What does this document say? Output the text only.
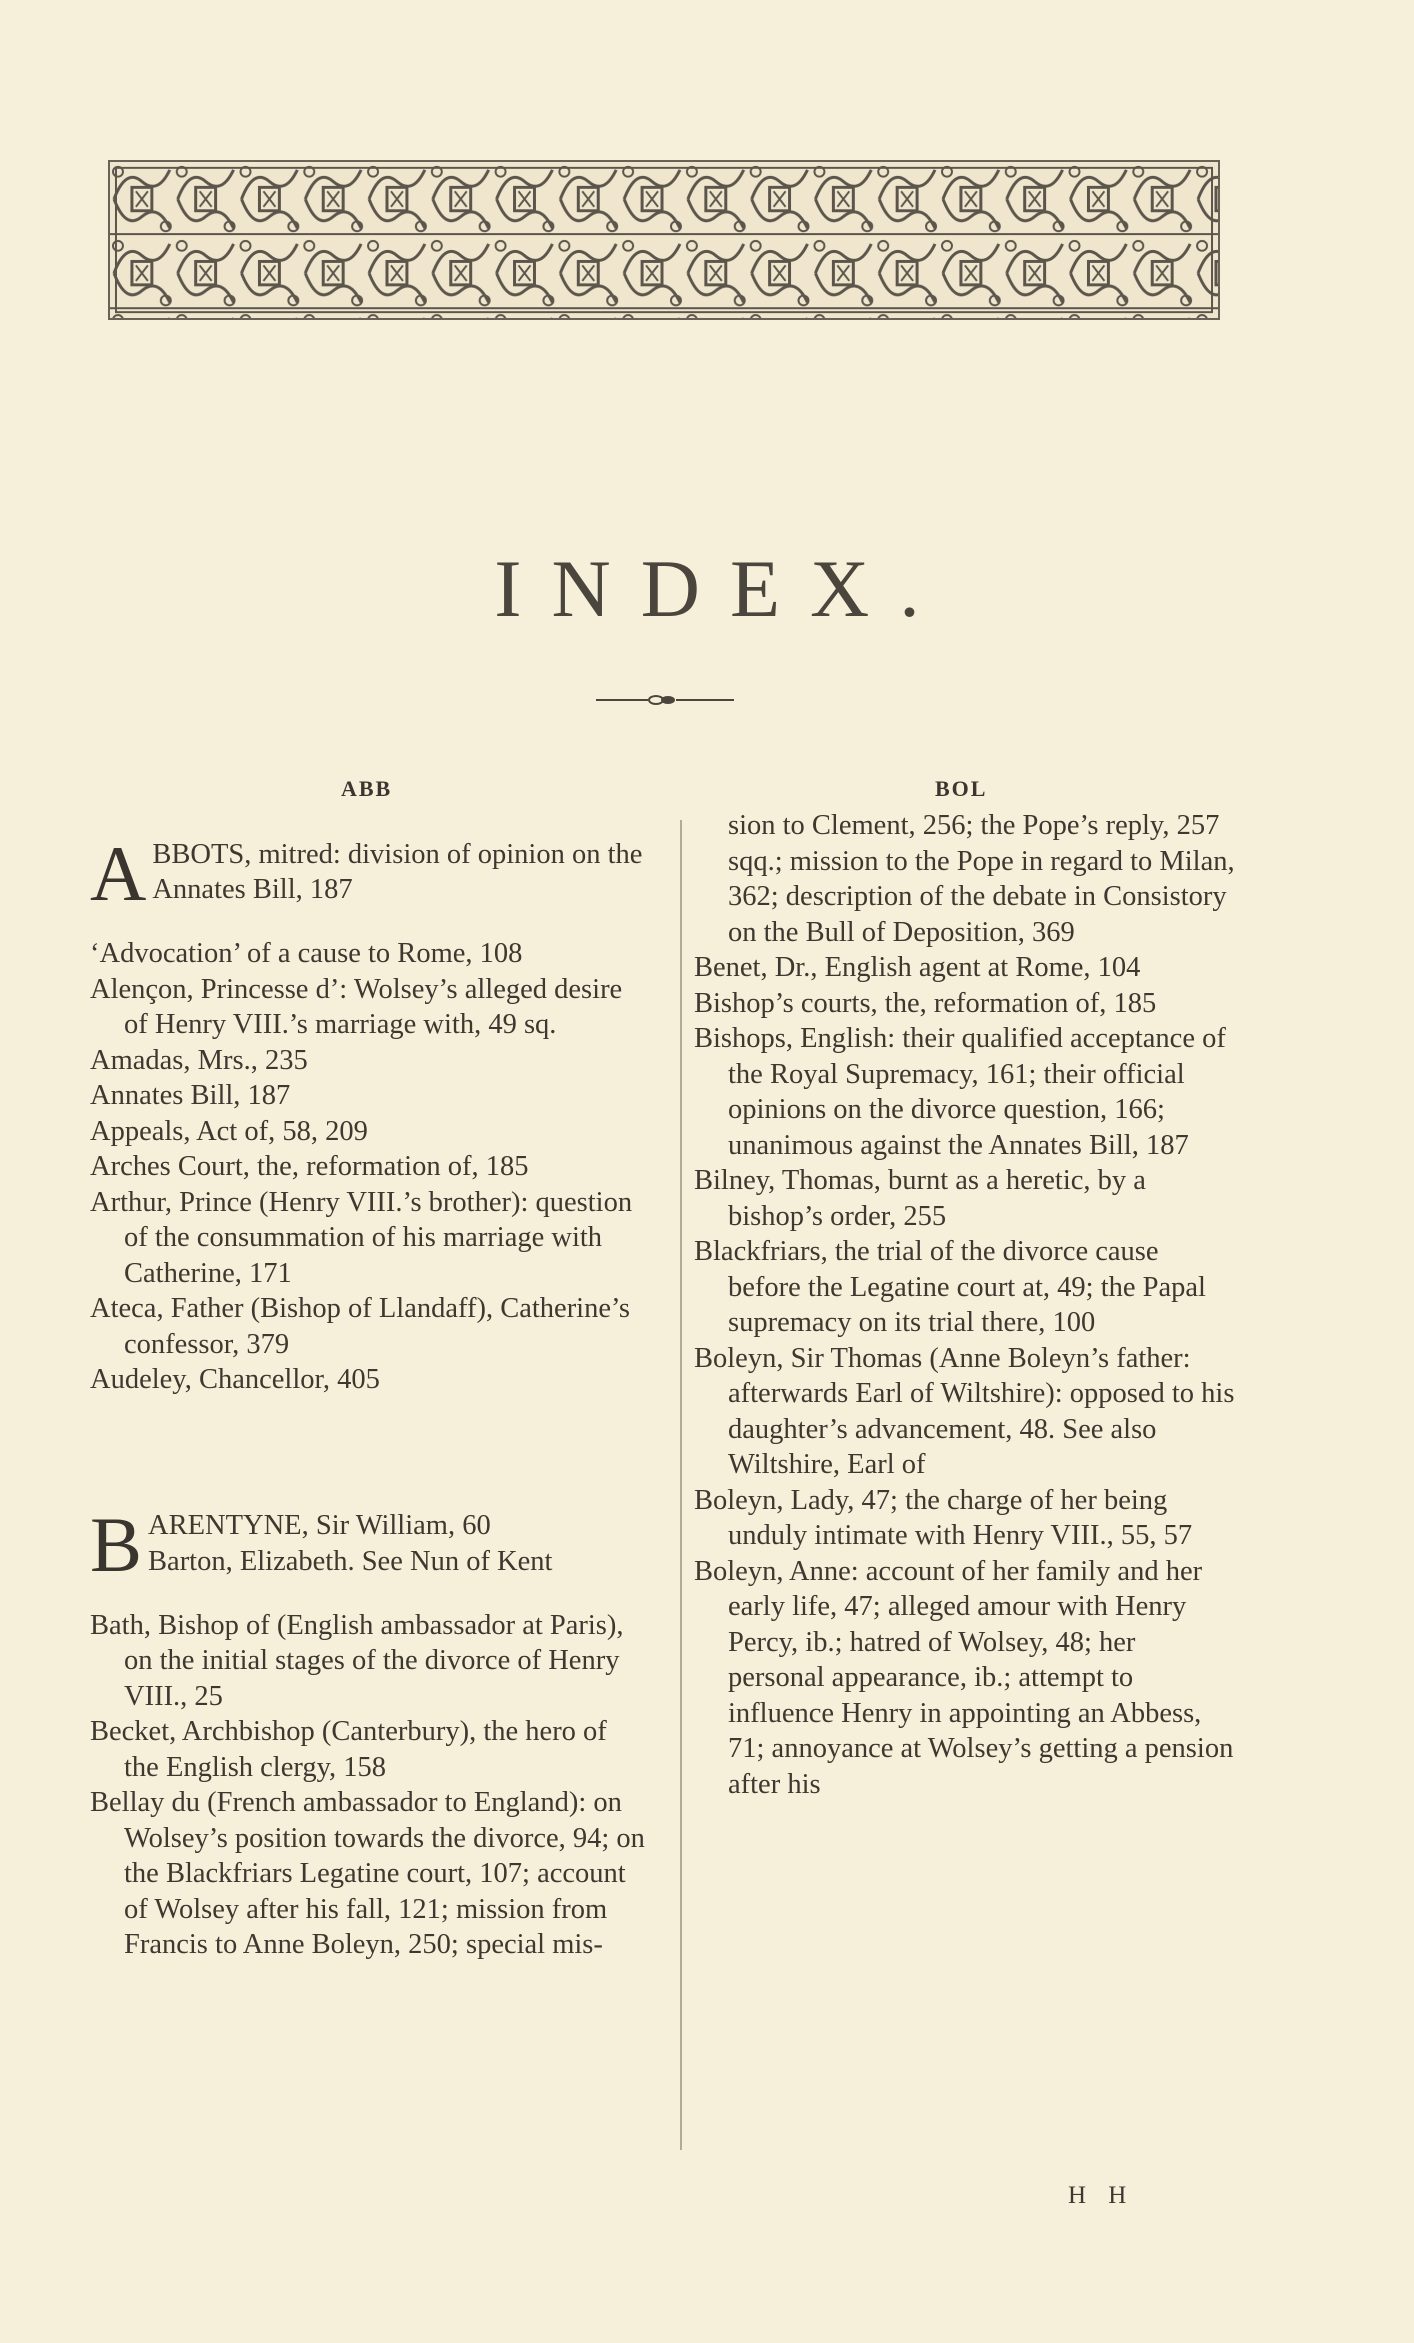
INDEX.
ABB	BOL

ABBOTS, mitred: division of opinion on the Annates Bill, 187

‘Advocation’ of a cause to Rome, 108

Alençon, Princesse d’: Wolsey’s alleged desire of Henry VIII.’s marriage with, 49 sq.

Amadas, Mrs., 235

Annates Bill, 187

Appeals, Act of, 58, 209

Arches Court, the, reformation of, 185

Arthur, Prince (Henry VIII.’s brother): question of the consummation of his marriage with Catherine, 171

Ateca, Father (Bishop of Llandaff), Catherine’s confessor, 379

Audeley, Chancellor, 405

BARENTYNE, Sir William, 60
Barton, Elizabeth. See Nun of Kent

Bath, Bishop of (English ambassador at Paris), on the initial stages of the divorce of Henry VIII., 25

Becket, Archbishop (Canterbury), the hero of the English clergy, 158

Bellay du (French ambassador to England): on Wolsey’s position towards the divorce, 94; on the Blackfriars Legatine court, 107; account of Wolsey after his fall, 121; mission from Francis to Anne Boleyn, 250; special mis-

sion to Clement, 256; the Pope’s reply, 257 sqq.; mission to the Pope in regard to Milan, 362; description of the debate in Consistory on the Bull of Deposition, 369

Benet, Dr., English agent at Rome, 104

Bishop’s courts, the, reformation of, 185

Bishops, English: their qualified acceptance of the Royal Supremacy, 161; their official opinions on the divorce question, 166; unanimous against the Annates Bill, 187

Bilney, Thomas, burnt as a heretic, by a bishop’s order, 255

Blackfriars, the trial of the divorce cause before the Legatine court at, 49; the Papal supremacy on its trial there, 100

Boleyn, Sir Thomas (Anne Boleyn’s father: afterwards Earl of Wiltshire): opposed to his daughter’s advancement, 48. See also Wiltshire, Earl of

Boleyn, Lady, 47; the charge of her being unduly intimate with Henry VIII., 55, 57

Boleyn, Anne: account of her family and her early life, 47; alleged amour with Henry Percy, ib.; hatred of Wolsey, 48; her personal appearance, ib.; attempt to influence Henry in appointing an Abbess, 71; annoyance at Wolsey’s getting a pension after his

H H
